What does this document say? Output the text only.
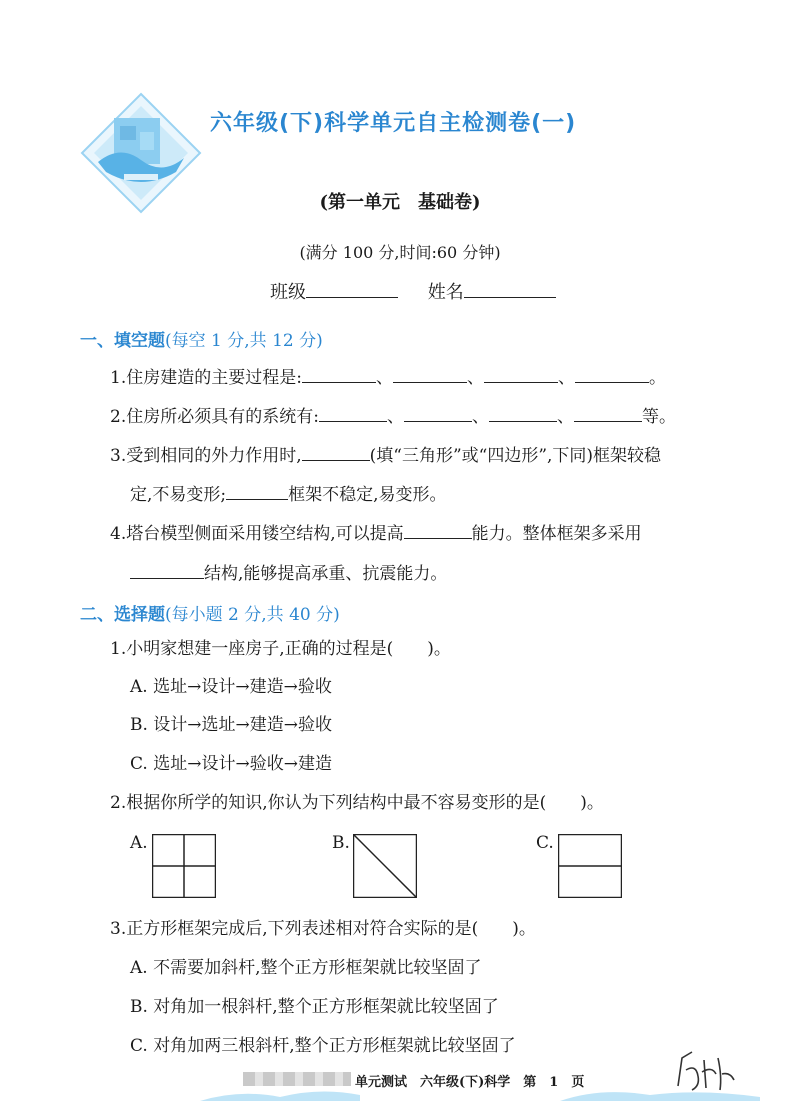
六年级(下)科学单元自主检测卷(一)
(第一单元　基础卷)
(满分 100 分,时间:60 分钟)
班级	姓名
一、填空题(每空 1 分,共 12 分)
1.住房建造的主要过程是:	、	、	、	。
2.住房所必须具有的系统有:	、	、	、	等。
3.受到相同的外力作用时,	(填“三角形”或“四边形”,下同)框架较稳
定,不易变形;	框架不稳定,易变形。
4.塔台模型侧面采用镂空结构,可以提高	能力。整体框架多采用
结构,能够提高承重、抗震能力。
二、选择题(每小题 2 分,共 40 分)
1.小明家想建一座房子,正确的过程是(　　)。
A. 选址→设计→建造→验收
B. 设计→选址→建造→验收
C. 选址→设计→验收→建造
2.根据你所学的知识,你认为下列结构中最不容易变形的是(　　)。
A.	B.	C.
3.正方形框架完成后,下列表述相对符合实际的是(　　)。
A. 不需要加斜杆,整个正方形框架就比较坚固了
B. 对角加一根斜杆,整个正方形框架就比较坚固了
C. 对角加两三根斜杆,整个正方形框架就比较坚固了
单元测试　六年级(下)科学　第　1　页
